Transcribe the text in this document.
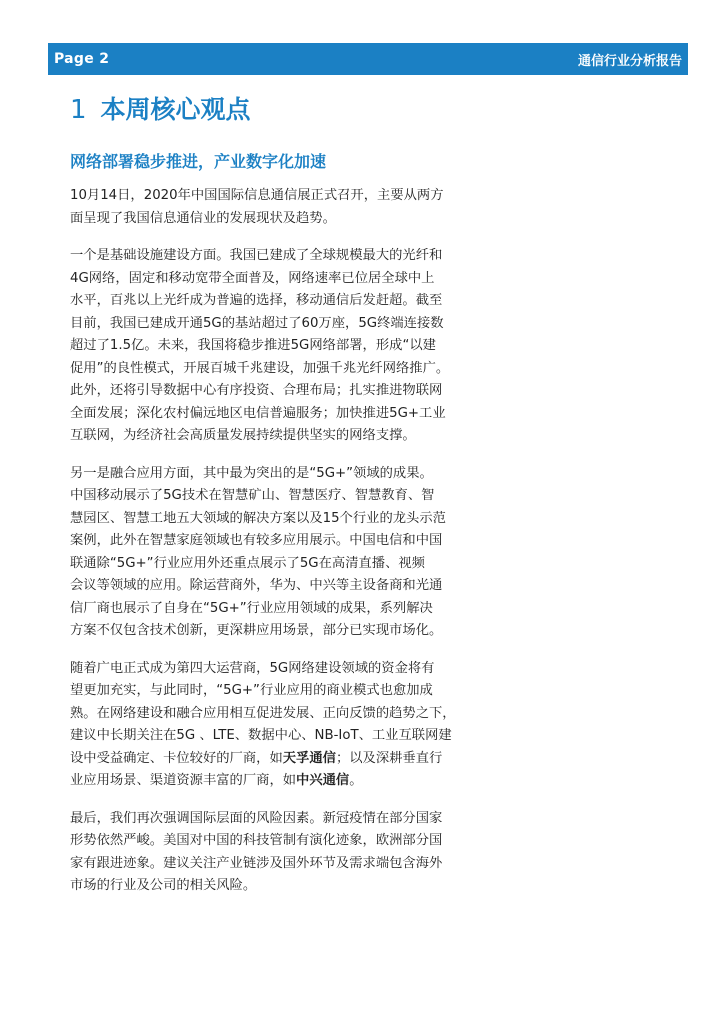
Page 2	通信行业分析报告
1 本周核心观点
网络部署稳步推进，产业数字化加速

10月14日，2020年中国国际信息通信展正式召开，主要从两方
面呈现了我国信息通信业的发展现状及趋势。

一个是基础设施建设方面。我国已建成了全球规模最大的光纤和
4G网络，固定和移动宽带全面普及，网络速率已位居全球中上
水平，百兆以上光纤成为普遍的选择，移动通信后发赶超。截至
目前，我国已建成开通5G的基站超过了60万座，5G终端连接数
超过了1.5亿。未来，我国将稳步推进5G网络部署，形成“以建
促用”的良性模式，开展百城千兆建设，加强千兆光纤网络推广。
此外，还将引导数据中心有序投资、合理布局；扎实推进物联网
全面发展；深化农村偏远地区电信普遍服务；加快推进5G+工业
互联网，为经济社会高质量发展持续提供坚实的网络支撑。

另一是融合应用方面，其中最为突出的是“5G+”领域的成果。
中国移动展示了5G技术在智慧矿山、智慧医疗、智慧教育、智
慧园区、智慧工地五大领域的解决方案以及15个行业的龙头示范
案例，此外在智慧家庭领域也有较多应用展示。中国电信和中国
联通除“5G+”行业应用外还重点展示了5G在高清直播、视频
会议等领域的应用。除运营商外，华为、中兴等主设备商和光通
信厂商也展示了自身在“5G+”行业应用领域的成果，系列解决
方案不仅包含技术创新，更深耕应用场景，部分已实现市场化。

随着广电正式成为第四大运营商，5G网络建设领域的资金将有
望更加充实，与此同时，“5G+”行业应用的商业模式也愈加成
熟。在网络建设和融合应用相互促进发展、正向反馈的趋势之下，
建议中长期关注在5G 、LTE、数据中心、NB-IoT、工业互联网建
设中受益确定、卡位较好的厂商，如天孚通信；以及深耕垂直行
业应用场景、渠道资源丰富的厂商，如中兴通信。

最后，我们再次强调国际层面的风险因素。新冠疫情在部分国家
形势依然严峻。美国对中国的科技管制有演化迹象，欧洲部分国
家有跟进迹象。建议关注产业链涉及国外环节及需求端包含海外
市场的行业及公司的相关风险。
